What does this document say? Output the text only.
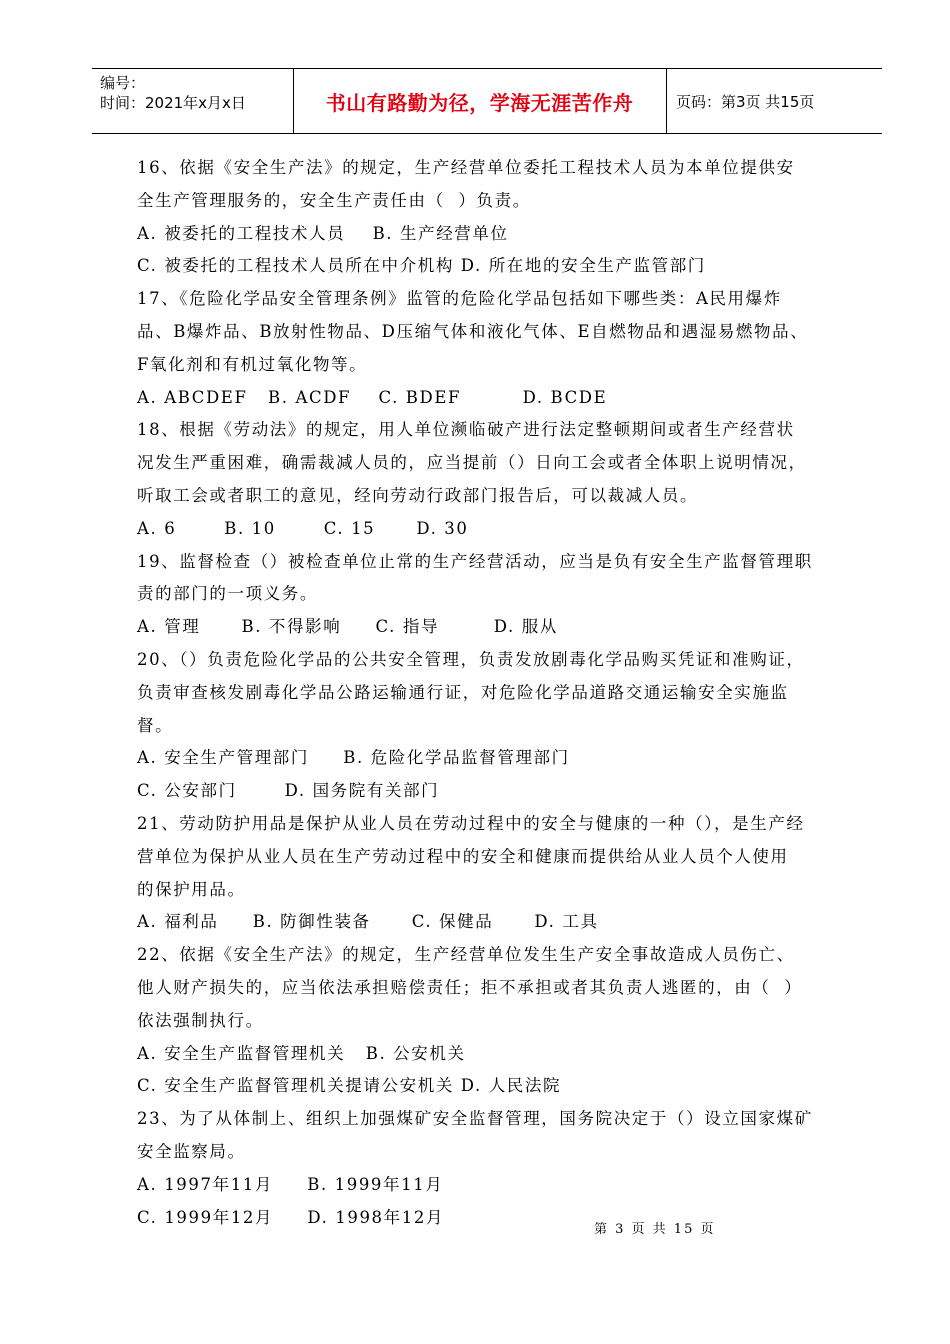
编号：
时间：2021年x月x日	书山有路勤为径，学海无涯苦作舟	页码：第3页 共15页
16、依据《安全生产法》的规定，生产经营单位委托工程技术人员为本单位提供安
全生产管理服务的，安全生产责任由（  ）负责。
A. 被委托的工程技术人员    B. 生产经营单位
C. 被委托的工程技术人员所在中介机构 D. 所在地的安全生产监管部门
17、《危险化学品安全管理条例》监管的危险化学品包括如下哪些类：A民用爆炸
品、B爆炸品、B放射性物品、D压缩气体和液化气体、E自燃物品和遇湿易燃物品、
F氧化剂和有机过氧化物等。
A. ABCDEF   B. ACDF    C. BDEF         D. BCDE
18、根据《劳动法》的规定，用人单位濒临破产进行法定整顿期间或者生产经营状
况发生严重困难，确需裁减人员的，应当提前（）日向工会或者全体职上说明情况，
听取工会或者职工的意见，经向劳动行政部门报告后，可以裁减人员。
A. 6       B. 10       C. 15      D. 30
19、监督检查（）被检查单位止常的生产经营活动，应当是负有安全生产监督管理职
责的部门的一项义务。
A. 管理      B. 不得影响     C. 指导        D. 服从
20、（）负责危险化学品的公共安全管理，负责发放剧毒化学品购买凭证和准购证，
负责审查核发剧毒化学品公路运输通行证，对危险化学品道路交通运输安全实施监
督。
A. 安全生产管理部门     B. 危险化学品监督管理部门
C. 公安部门       D. 国务院有关部门
21、劳动防护用品是保护从业人员在劳动过程中的安全与健康的一种（），是生产经
营单位为保护从业人员在生产劳动过程中的安全和健康而提供给从业人员个人使用
的保护用品。
A. 福利品     B. 防御性装备      C. 保健品      D. 工具
22、依据《安全生产法》的规定，生产经营单位发生生产安全事故造成人员伤亡、
他人财产损失的，应当依法承担赔偿责任；拒不承担或者其负责人逃匿的，由（  ）
依法强制执行。
A. 安全生产监督管理机关   B. 公安机关
C. 安全生产监督管理机关提请公安机关 D. 人民法院
23、为了从体制上、组织上加强煤矿安全监督管理，国务院决定于（）设立国家煤矿
安全监察局。
A. 1997年11月     B. 1999年11月
C. 1999年12月     D. 1998年12月
第 3 页 共 15 页
